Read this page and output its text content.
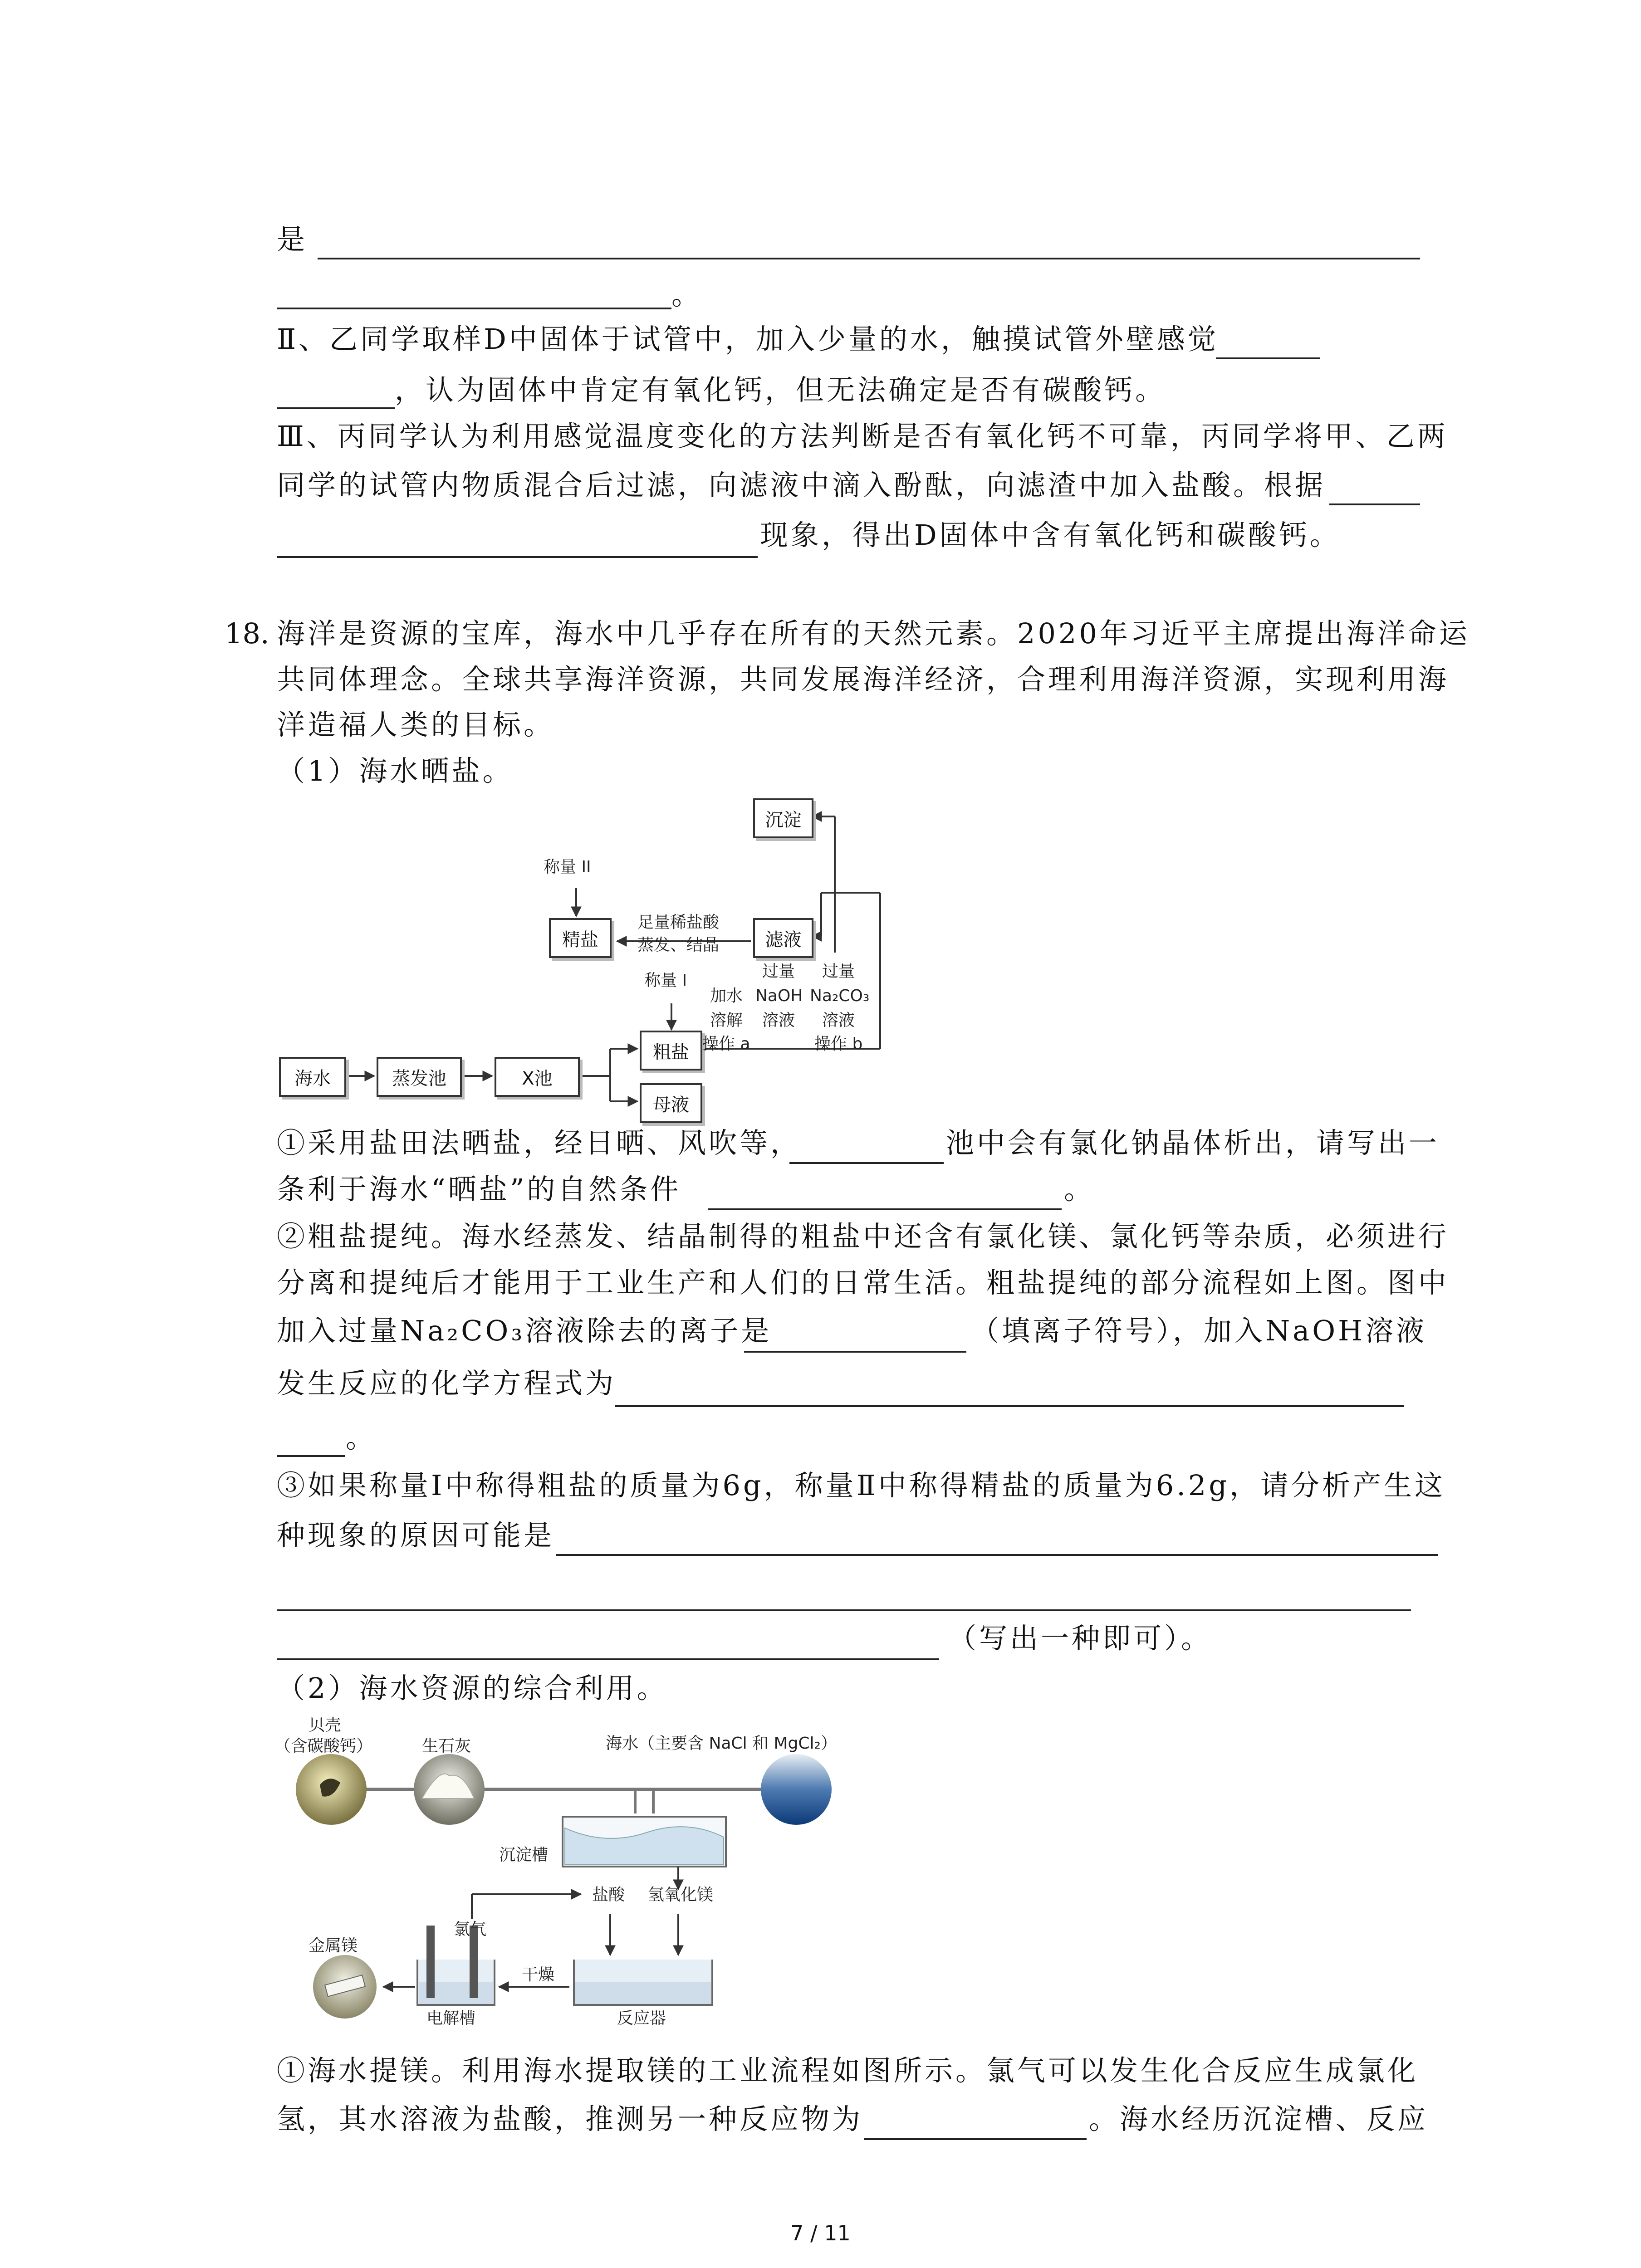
是
。
Ⅱ、乙同学取样D中固体于试管中，加入少量的水，触摸试管外壁感觉
，认为固体中肯定有氧化钙，但无法确定是否有碳酸钙。
Ⅲ、丙同学认为利用感觉温度变化的方法判断是否有氧化钙不可靠，丙同学将甲、乙两
同学的试管内物质混合后过滤，向滤液中滴入酚酞，向滤渣中加入盐酸。根据
现象，得出D固体中含有氧化钙和碳酸钙。
18. 海洋是资源的宝库，海水中几乎存在所有的天然元素。2020年习近平主席提出海洋命运
共同体理念。全球共享海洋资源，共同发展海洋经济，合理利用海洋资源，实现利用海
洋造福人类的目标。
（1）海水晒盐。
海水	蒸发池	X池
粗盐
母液
滤液
沉淀
精盐
称量 II
称量 I
足量稀盐酸
蒸发、结晶
加水
溶解
操作 a
过量
NaOH
溶液
过量
Na₂CO₃
溶液
操作 b
①采用盐田法晒盐，经日晒、风吹等，	池中会有氯化钠晶体析出，请写出一
条利于海水“晒盐”的自然条件	。
②粗盐提纯。海水经蒸发、结晶制得的粗盐中还含有氯化镁、氯化钙等杂质，必须进行
分离和提纯后才能用于工业生产和人们的日常生活。粗盐提纯的部分流程如上图。图中
加入过量Na₂CO₃溶液除去的离子是	（填离子符号），加入NaOH溶液
发生反应的化学方程式为
。
③如果称量Ⅰ中称得粗盐的质量为6g，称量Ⅱ中称得精盐的质量为6.2g，请分析产生这
种现象的原因可能是
（写出一种即可）。
（2）海水资源的综合利用。
贝壳
（含碳酸钙）	生石灰	海水（主要含 NaCl 和 MgCl₂）
沉淀槽
盐酸 氢氧化镁
金属镁
氯气
干燥
电解槽	反应器
①海水提镁。利用海水提取镁的工业流程如图所示。氯气可以发生化合反应生成氯化
氢，其水溶液为盐酸，推测另一种反应物为	。海水经历沉淀槽、反应
7 / 11
